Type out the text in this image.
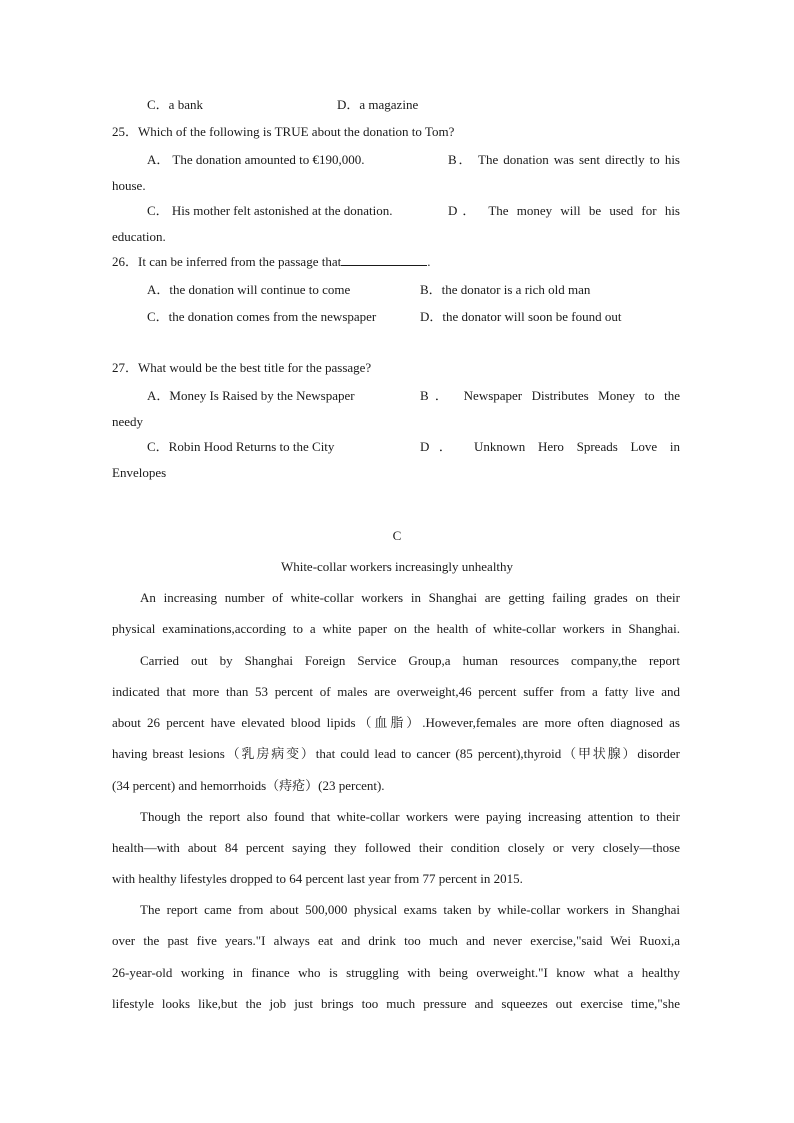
C．a bank	D．a magazine
25．Which of the following is TRUE about the donation to Tom?
A． The donation amounted to €190,000.	B． The donation was sent directly to his
house.
C． His mother felt astonished at the donation.	D． The money will be used for his
education.
26．It can be inferred from the passage that	.
A．the donation will continue to come	B．the donator is a rich old man
C．the donation comes from the newspaper	D．the donator will soon be found out
27．What would be the best title for the passage?
A．Money Is Raised by the Newspaper	B． Newspaper Distributes Money to the
needy
C．Robin Hood Returns to the City	D． Unknown Hero Spreads Love in
Envelopes
C
White-collar workers increasingly unhealthy
An increasing number of white-collar workers in Shanghai are getting failing grades on their
physical examinations,according to a white paper on the health of white-collar workers in Shanghai.
Carried out by Shanghai Foreign Service Group,a human resources company,the report
indicated that more than 53 percent of males are overweight,46 percent suffer from a fatty live and
about 26 percent have elevated blood lipids（血脂）.However,females are more often diagnosed as
having breast lesions（乳房病变）that could lead to cancer (85 percent),thyroid（甲状腺）disorder
(34 percent) and hemorrhoids（痔疮）(23 percent).
Though the report also found that white-collar workers were paying increasing attention to their
health—with about 84 percent saying they followed their condition closely or very closely—those
with healthy lifestyles dropped to 64 percent last year from 77 percent in 2015.
The report came from about 500,000 physical exams taken by while-collar workers in Shanghai
over the past five years."I always eat and drink too much and never exercise,"said Wei Ruoxi,a
26-year-old working in finance who is struggling with being overweight."I know what a healthy
lifestyle looks like,but the job just brings too much pressure and squeezes out exercise time,"she
